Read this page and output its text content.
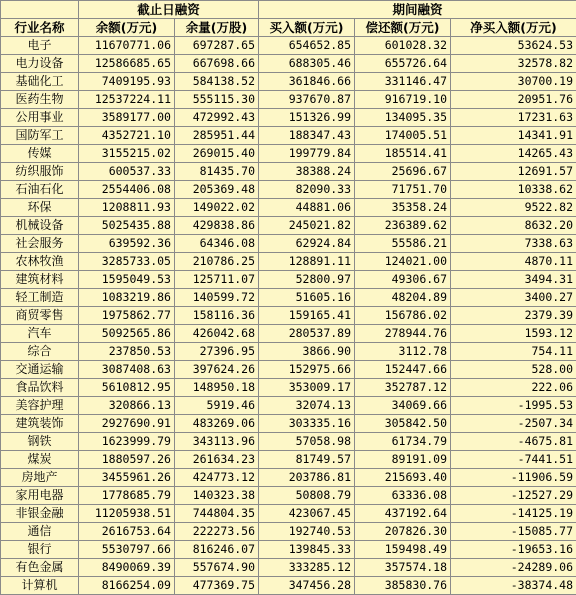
	截止日融资		期间融资		
行业名称	余额(万元)	余量(万股)	买入额(万元)	偿还额(万元)	净买入额(万元)
电子	11670771.06	697287.65	654652.85	601028.32	53624.53
电力设备	12586685.65	667698.66	688305.46	655726.64	32578.82
基础化工	7409195.93	584138.52	361846.66	331146.47	30700.19
医药生物	12537224.11	555115.30	937670.87	916719.10	20951.76
公用事业	3589177.00	472992.43	151326.99	134095.35	17231.63
国防军工	4352721.10	285951.44	188347.43	174005.51	14341.91
传媒	3155215.02	269015.40	199779.84	185514.41	14265.43
纺织服饰	600537.33	81435.70	38388.24	25696.67	12691.57
石油石化	2554406.08	205369.48	82090.33	71751.70	10338.62
环保	1208811.93	149022.02	44881.06	35358.24	9522.82
机械设备	5025435.88	429838.86	245021.82	236389.62	8632.20
社会服务	639592.36	64346.08	62924.84	55586.21	7338.63
农林牧渔	3285733.05	210786.25	128891.11	124021.00	4870.11
建筑材料	1595049.53	125711.07	52800.97	49306.67	3494.31
轻工制造	1083219.86	140599.72	51605.16	48204.89	3400.27
商贸零售	1975862.77	158116.36	159165.41	156786.02	2379.39
汽车	5092565.86	426042.68	280537.89	278944.76	1593.12
综合	237850.53	27396.95	3866.90	3112.78	754.11
交通运输	3087408.63	397624.26	152975.66	152447.66	528.00
食品饮料	5610812.95	148950.18	353009.17	352787.12	222.06
美容护理	320866.13	5919.46	32074.13	34069.66	-1995.53
建筑装饰	2927690.91	483269.06	303335.16	305842.50	-2507.34
钢铁	1623999.79	343113.96	57058.98	61734.79	-4675.81
煤炭	1880597.26	261634.23	81749.57	89191.09	-7441.51
房地产	3455961.26	424773.12	203786.81	215693.40	-11906.59
家用电器	1778685.79	140323.38	50808.79	63336.08	-12527.29
非银金融	11205938.51	744804.35	423067.45	437192.64	-14125.19
通信	2616753.64	222273.56	192740.53	207826.30	-15085.77
银行	5530797.66	816246.07	139845.33	159498.49	-19653.16
有色金属	8490069.39	557674.90	333285.12	357574.18	-24289.06
计算机	8166254.09	477369.75	347456.28	385830.76	-38374.48
